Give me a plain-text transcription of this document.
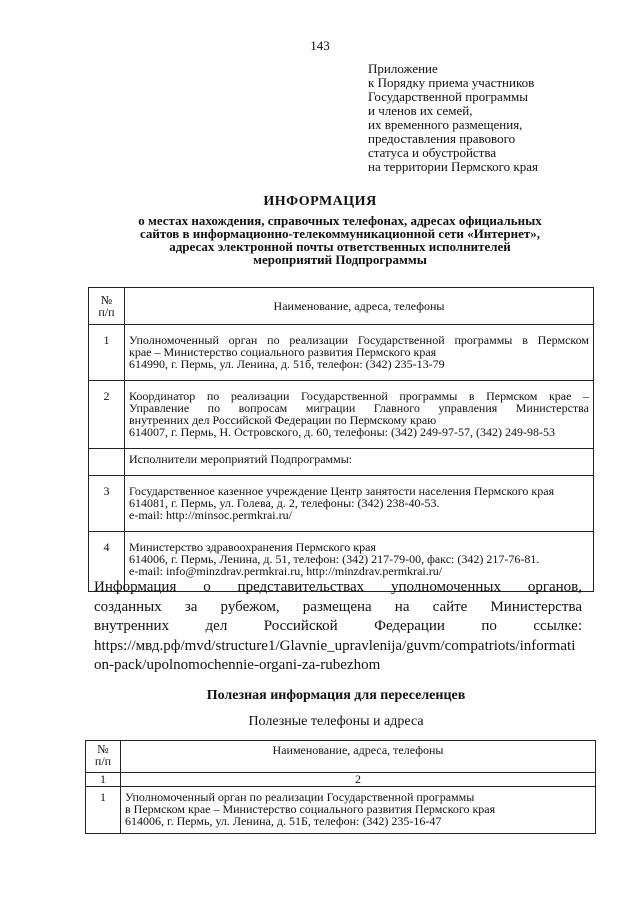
143
Приложение
к Порядку приема участников
Государственной программы
и членов их семей,
их временного размещения,
предоставления правового
статуса и обустройства
на территории Пермского края
ИНФОРМАЦИЯ
о местах нахождения, справочных телефонах, адресах официальных
сайтов в информационно-телекоммуникационной сети «Интернет»,
адресах электронной почты ответственных исполнителей
мероприятий Подпрограммы
№
п/п	Наименование, адреса, телефоны
1	Уполномоченный орган по реализации Государственной программы в Пермском
крае – Министерство социального развития Пермского края
614990, г. Пермь, ул. Ленина, д. 51б, телефон: (342) 235-13-79

2	Координатор по реализации Государственной программы в Пермском крае –
Управление по вопросам миграции Главного управления Министерства
внутренних дел Российской Федерации по Пермскому краю
614007, г. Пермь, Н. Островского, д. 60, телефоны: (342) 249-97-57, (342) 249-98-53

	Исполнители мероприятий Подпрограммы:

3	Государственное казенное учреждение Центр занятости населения Пермского края
614081, г. Пермь, ул. Голева, д. 2, телефоны: (342) 238-40-53.
e-mail: http://minsoc.permkrai.ru/

4	Министерство здравоохранения Пермского края
614006, г. Пермь, Ленина, д. 51, телефон: (342) 217-79-00, факс: (342) 217-76-81.
e-mail: info@minzdrav.permkrai.ru, http://minzdrav.permkrai.ru/
Информация о представительствах уполномоченных органов,
созданных за рубежом, размещена на сайте Министерства
внутренних дел Российской Федерации по ссылке:
https://мвд.рф/mvd/structure1/Glavnie_upravlenija/guvm/compatriots/informati
on-pack/upolnomochennie-organi-za-rubezhom
Полезная информация для переселенцев
Полезные телефоны и адреса
№
п/п	Наименование, адреса, телефоны
1	2
1	Уполномоченный орган по реализации Государственной программы
в Пермском крае – Министерство социального развития Пермского края
614006, г. Пермь, ул. Ленина, д. 51Б, телефон: (342) 235-16-47
